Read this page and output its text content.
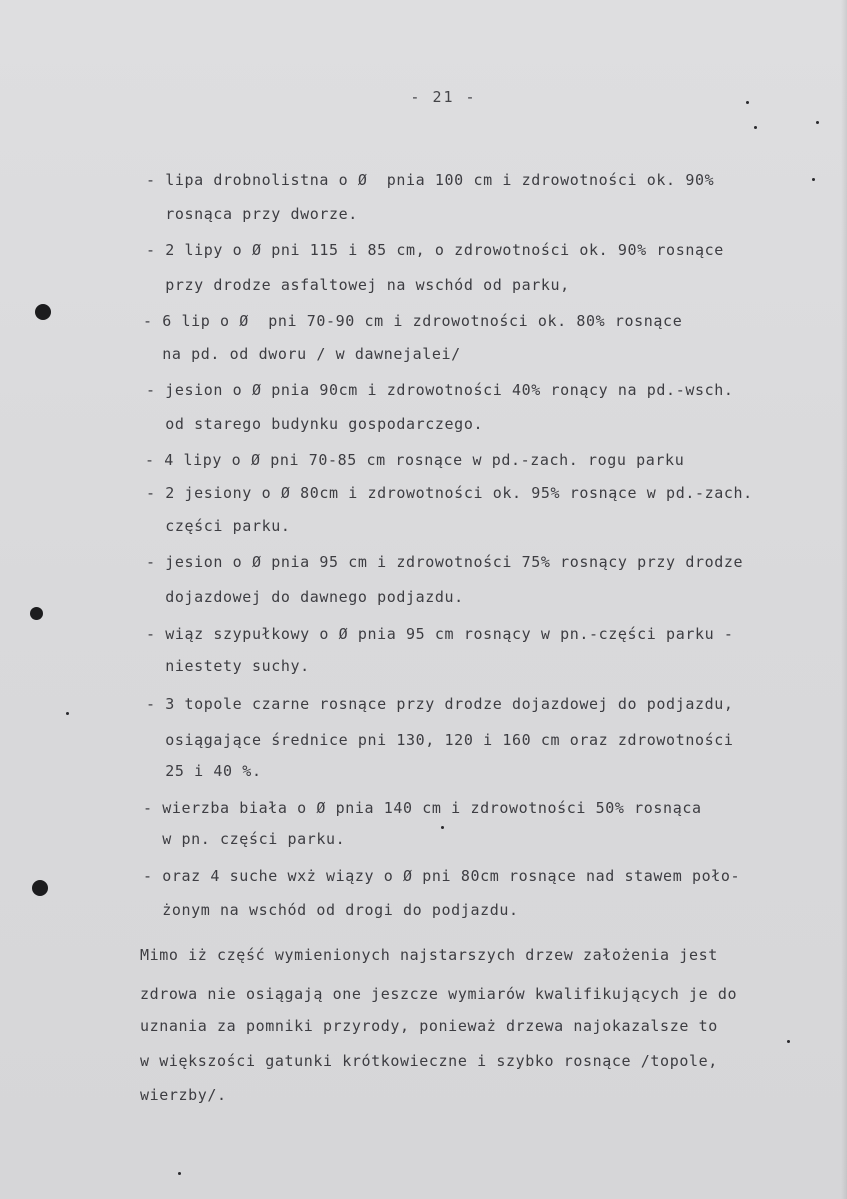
- 21 -
- lipa drobnolistna o Ø  pnia 100 cm i zdrowotności ok. 90%
rosnąca przy dworze.
- 2 lipy o Ø pni 115 i 85 cm, o zdrowotności ok. 90% rosnące
przy drodze asfaltowej na wschód od parku,
- 6 lip o Ø  pni 70-90 cm i zdrowotności ok. 80% rosnące
na pd. od dworu / w dawnejalei/
- jesion o Ø pnia 90cm i zdrowotności 40% ronący na pd.-wsch.
od starego budynku gospodarczego.
- 4 lipy o Ø pni 70-85 cm rosnące w pd.-zach. rogu parku
- 2 jesiony o Ø 80cm i zdrowotności ok. 95% rosnące w pd.-zach.
części parku.
- jesion o Ø pnia 95 cm i zdrowotności 75% rosnący przy drodze
dojazdowej do dawnego podjazdu.
- wiąz szypułkowy o Ø pnia 95 cm rosnący w pn.-części parku -
niestety suchy.
- 3 topole czarne rosnące przy drodze dojazdowej do podjazdu,
osiągające średnice pni 130, 120 i 160 cm oraz zdrowotności
25 i 40 %.
- wierzba biała o Ø pnia 140 cm i zdrowotności 50% rosnąca
w pn. części parku.
- oraz 4 suche wxż wiązy o Ø pni 80cm rosnące nad stawem poło-
żonym na wschód od drogi do podjazdu.
Mimo iż część wymienionych najstarszych drzew założenia jest
zdrowa nie osiągają one jeszcze wymiarów kwalifikujących je do
uznania za pomniki przyrody, ponieważ drzewa najokazalsze to
w większości gatunki krótkowieczne i szybko rosnące /topole,
wierzby/.
